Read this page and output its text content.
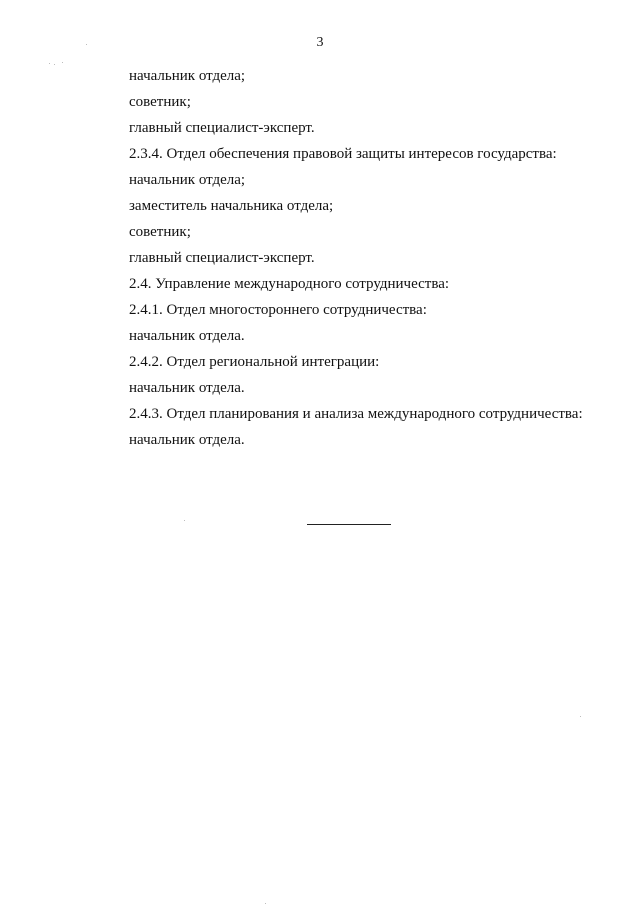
3
начальник отдела;
советник;
главный специалист-эксперт.
2.3.4. Отдел обеспечения правовой защиты интересов государства:
начальник отдела;
заместитель начальника отдела;
советник;
главный специалист-эксперт.
2.4. Управление международного сотрудничества:
2.4.1. Отдел многостороннего сотрудничества:
начальник отдела.
2.4.2. Отдел региональной интеграции:
начальник отдела.
2.4.3. Отдел планирования и анализа международного сотрудничества:
начальник отдела.
